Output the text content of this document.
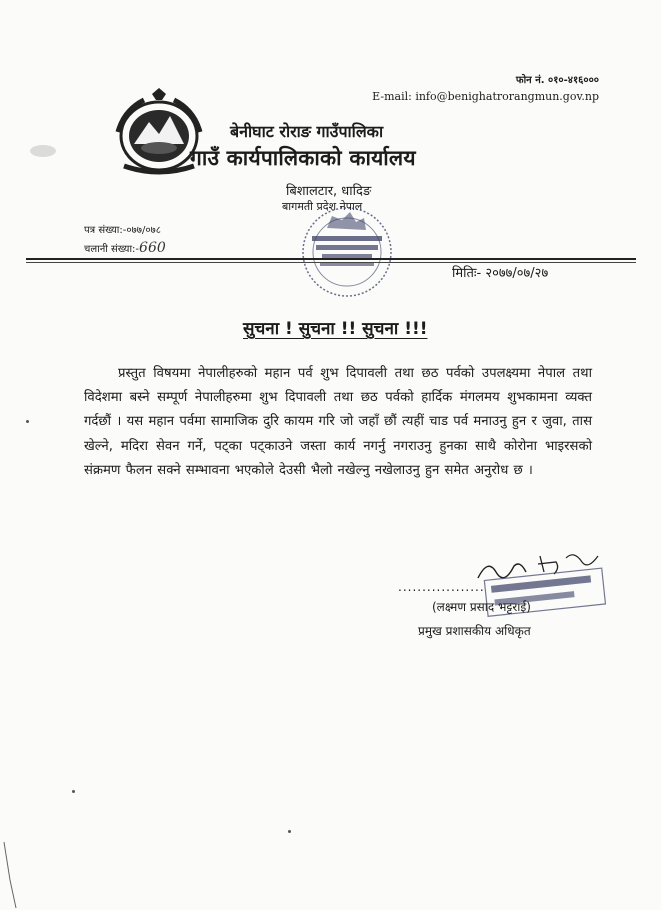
फोन नं. ०१०-४१६०००
E-mail: info@benighatrorangmun.gov.np
बेनीघाट रोराङ गाउँपालिका
गाउँ कार्यपालिकाको कार्यालय
बिशालटार, धादिङ
बागमती प्रदेश नेपाल
पत्र संख्या:-०७७/०७८
चलानी संख्या:-660
मितिः- २०७७/०७/२७
सुचना ! सुचना !! सुचना !!!
प्रस्तुत विषयमा नेपालीहरुको महान पर्व शुभ दिपावली तथा छठ पर्वको उपलक्ष्यमा नेपाल तथा विदेशमा बस्ने सम्पूर्ण नेपालीहरुमा शुभ दिपावली तथा छठ पर्वको हार्दिक मंगलमय शुभकामना व्यक्त गर्दछौं । यस महान पर्वमा सामाजिक दुरि कायम गरि जो जहाँ छौं त्यहीं चाड पर्व मनाउनु हुन र जुवा, तास खेल्ने, मदिरा सेवन गर्ने, पट्का पट्काउने जस्ता कार्य नगर्नु नगराउनु हुनका साथै कोरोना भाइरसको संक्रमण फैलन सक्ने सम्भावना भएकोले देउसी भैलो नखेल्नु नखेलाउनु हुन समेत अनुरोध छ ।
..................
(लक्ष्मण प्रसाद भट्टराई)
प्रमुख प्रशासकीय अधिकृत
